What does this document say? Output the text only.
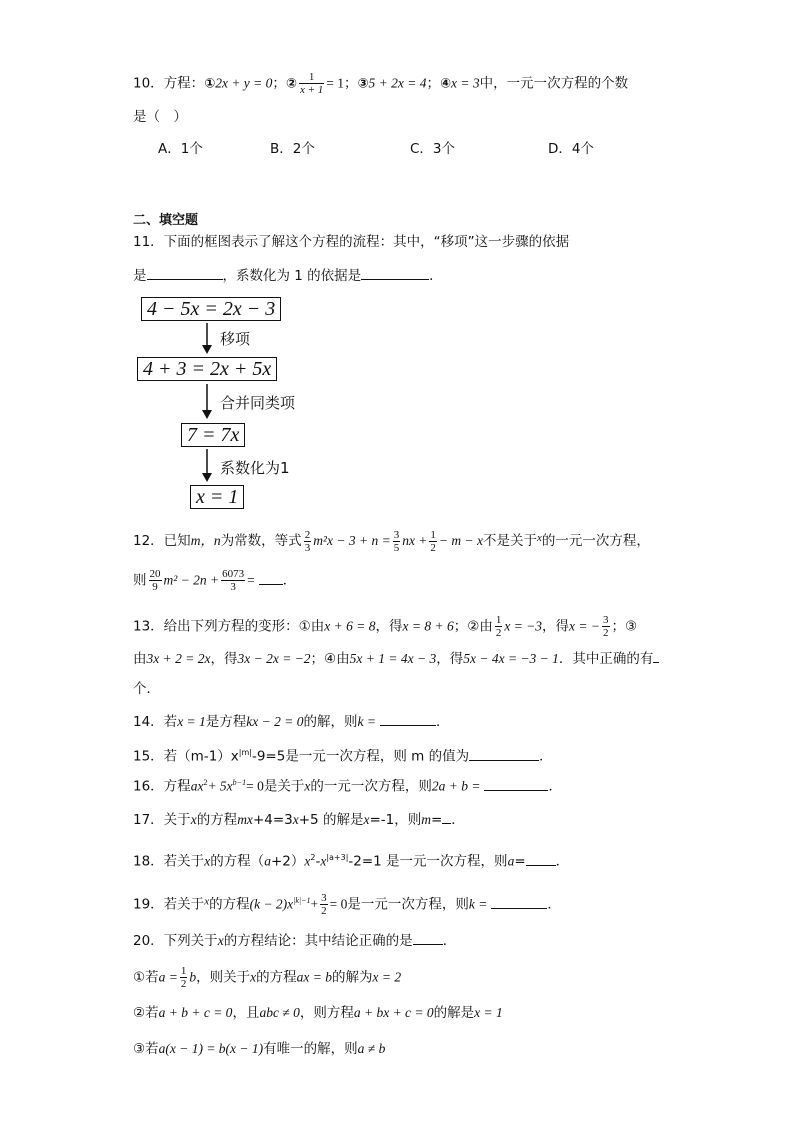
10．方程：①2x + y = 0；② $\frac{1}{x + 1} = 1$；③5 + 2x = 4；④x = 3中，一元一次方程的个数
是（　）
A．1个	B．2个	C．3个	D．4个
二、填空题
11．下面的框图表示了解这个方程的流程：其中，“移项”这一步骤的依据
是	，系数化为 1 的依据是	．
4 − 5x = 2x − 3
移项
4 + 3 = 2x + 5x
合并同类项
7 = 7x
系数化为1
x = 1
12．已知m，n为常数，等式 $\frac{2}{3} m^2x - 3 + n = \frac{3}{5}$ nx + $\frac{1}{2} - m - x$不是关于$^x$的一元一次方程，
则 $\frac{20}{9} m^2 - 2n + \frac{6073}{3}$ = ．
13．给出下列方程的变形：①由x + 6 = 8，得x = 8 + 6；②由 $\frac{1}{2}$ x = −3，得x = − $\frac{3}{2}$ ；③
由3x + 2 = 2x，得3x − 2x = −2；④由5x + 1 = 4x − 3，得5x − 4x = −3 − 1．其中正确的有
个．
14．若x = 1是方程kx − 2 = 0的解，则k =	．
15．若$(m-1)x^{|m|}-9=5$是一元一次方程，则 m 的值为	．
16．方程$ax^2+ 5x^{b-1}= 0$是关于x的一元一次方程，则2a + b =	．
17．关于x的方程mx+4=3x+5 的解是x=-1，则m= ．
18．若关于x的方程$(a+2)x^2-x^{|a+3|}-2=1$ 是一元一次方程，则a= ．
19．若关于$^x$的方程$(k - 2)x^{|k|-1}+ \frac{3}{2} = 0$是一元一次方程，则k =	．
20．下列关于x的方程结论：其中结论正确的是 ．
①若$a = \frac{1}{2}$ b，则关于x的方程ax = b的解为x = 2
②若a + b + c = 0，且abc ≠ 0，则方程a + bx + c = 0的解是x = 1
③若a(x − 1) = b(x − 1)有唯一的解，则a ≠ b
